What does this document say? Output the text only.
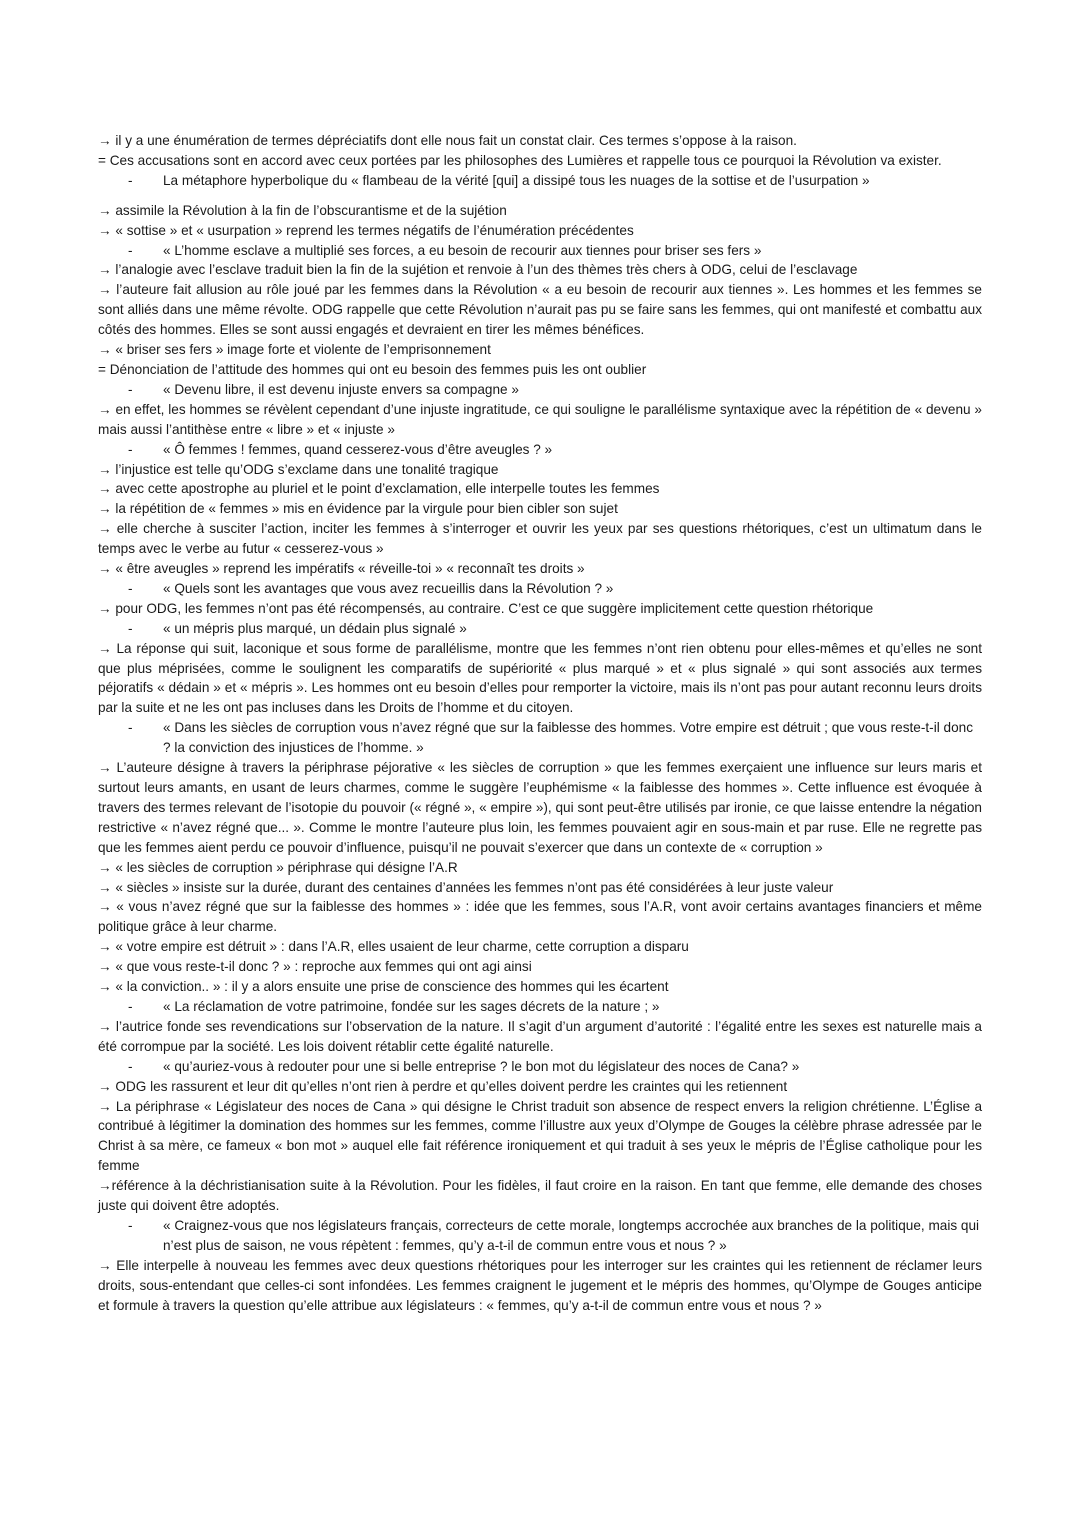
→ il y a une énumération de termes dépréciatifs dont elle nous fait un constat clair. Ces termes s’oppose à la raison.
= Ces accusations sont en accord avec ceux portées par les philosophes des Lumières et rappelle tous ce pourquoi la Révolution va exister.
- La métaphore hyperbolique du « flambeau de la vérité [qui] a dissipé tous les nuages de la sottise et de l’usurpation »
→ assimile la Révolution à la fin de l’obscurantisme et de la sujétion
→ « sottise » et « usurpation » reprend les termes négatifs de l’énumération précédentes
- « L’homme esclave a multiplié ses forces, a eu besoin de recourir aux tiennes pour briser ses fers »
→ l’analogie avec l’esclave traduit bien la fin de la sujétion et renvoie à l’un des thèmes très chers à ODG, celui de l’esclavage
→ l’auteure fait allusion au rôle joué par les femmes dans la Révolution « a eu besoin de recourir aux tiennes ». Les hommes et les femmes se sont alliés dans une même révolte. ODG rappelle que cette Révolution n’aurait pas pu se faire sans les femmes, qui ont manifesté et combattu aux côtés des hommes. Elles se sont aussi engagés et devraient en tirer les mêmes bénéfices.
→ « briser ses fers » image forte et violente de l’emprisonnement
= Dénonciation de l’attitude des hommes qui ont eu besoin des femmes puis les ont oublier
- « Devenu libre, il est devenu injuste envers sa compagne »
→ en effet, les hommes se révèlent cependant d’une injuste ingratitude, ce qui souligne le parallélisme syntaxique avec la répétition de « devenu » mais aussi l’antithèse entre « libre » et « injuste »
- « Ô femmes ! femmes, quand cesserez-vous d’être aveugles ? »
→ l’injustice est telle qu’ODG s’exclame dans une tonalité tragique
→ avec cette apostrophe au pluriel et le point d’exclamation, elle interpelle toutes les femmes
→ la répétition de « femmes » mis en évidence par la virgule pour bien cibler son sujet
→ elle cherche à susciter l’action, inciter les femmes à s’interroger et ouvrir les yeux par ses questions rhétoriques, c’est un ultimatum dans le temps avec le verbe au futur « cesserez-vous »
→ « être aveugles » reprend les impératifs « réveille-toi » « reconnaît tes droits »
- « Quels sont les avantages que vous avez recueillis dans la Révolution ? »
→ pour ODG, les femmes n’ont pas été récompensés, au contraire. C’est ce que suggère implicitement cette question rhétorique
- « un mépris plus marqué, un dédain plus signalé »
→ La réponse qui suit, laconique et sous forme de parallélisme, montre que les femmes n’ont rien obtenu pour elles-mêmes et qu’elles ne sont que plus méprisées, comme le soulignent les comparatifs de supériorité « plus marqué » et « plus signalé » qui sont associés aux termes péjoratifs « dédain » et « mépris ». Les hommes ont eu besoin d’elles pour remporter la victoire, mais ils n’ont pas pour autant reconnu leurs droits par la suite et ne les ont pas incluses dans les Droits de l’homme et du citoyen.
- « Dans les siècles de corruption vous n’avez régné que sur la faiblesse des hommes. Votre empire est détruit ; que vous reste-t-il donc ? la conviction des injustices de l’homme. »
→ L’auteure désigne à travers la périphrase péjorative « les siècles de corruption » que les femmes exerçaient une influence sur leurs maris et surtout leurs amants, en usant de leurs charmes, comme le suggère l’euphémisme « la faiblesse des hommes ». Cette influence est évoquée à travers des termes relevant de l’isotopie du pouvoir (« régné », « empire »), qui sont peut-être utilisés par ironie, ce que laisse entendre la négation restrictive « n’avez régné que... ». Comme le montre l’auteure plus loin, les femmes pouvaient agir en sous-main et par ruse. Elle ne regrette pas que les femmes aient perdu ce pouvoir d’influence, puisqu’il ne pouvait s’exercer que dans un contexte de « corruption »
→ « les siècles de corruption » périphrase qui désigne l’A.R
→ « siècles » insiste sur la durée, durant des centaines d’années les femmes n’ont pas été considérées à leur juste valeur
→ « vous n’avez régné que sur la faiblesse des hommes » : idée que les femmes, sous l’A.R, vont avoir certains avantages financiers et même politique grâce à leur charme.
→ « votre empire est détruit » : dans l’A.R, elles usaient de leur charme, cette corruption a disparu
→ « que vous reste-t-il donc ? » : reproche aux femmes qui ont agi ainsi
→ « la conviction.. » : il y a alors ensuite une prise de conscience des hommes qui les écartent
- « La réclamation de votre patrimoine, fondée sur les sages décrets de la nature ; »
→ l’autrice fonde ses revendications sur l’observation de la nature. Il s’agit d’un argument d’autorité : l’égalité entre les sexes est naturelle mais a été corrompue par la société. Les lois doivent rétablir cette égalité naturelle.
- « qu’auriez-vous à redouter pour une si belle entreprise ? le bon mot du législateur des noces de Cana? »
→ ODG les rassurent et leur dit qu’elles n’ont rien à perdre et qu’elles doivent perdre les craintes qui les retiennent
→ La périphrase « Législateur des noces de Cana » qui désigne le Christ traduit son absence de respect envers la religion chrétienne. L’Église a contribué à légitimer la domination des hommes sur les femmes, comme l’illustre aux yeux d’Olympe de Gouges la célèbre phrase adressée par le Christ à sa mère, ce fameux « bon mot » auquel elle fait référence ironiquement et qui traduit à ses yeux le mépris de l’Église catholique pour les femme
→référence à la déchristianisation suite à la Révolution. Pour les fidèles, il faut croire en la raison. En tant que femme, elle demande des choses juste qui doivent être adoptés.
- « Craignez-vous que nos législateurs français, correcteurs de cette morale, longtemps accrochée aux branches de la politique, mais qui n’est plus de saison, ne vous répètent : femmes, qu’y a-t-il de commun entre vous et nous ? »
→ Elle interpelle à nouveau les femmes avec deux questions rhétoriques pour les interroger sur les craintes qui les retiennent de réclamer leurs droits, sous-entendant que celles-ci sont infondées. Les femmes craignent le jugement et le mépris des hommes, qu’Olympe de Gouges anticipe et formule à travers la question qu’elle attribue aux législateurs : « femmes, qu’y a-t-il de commun entre vous et nous ? »
